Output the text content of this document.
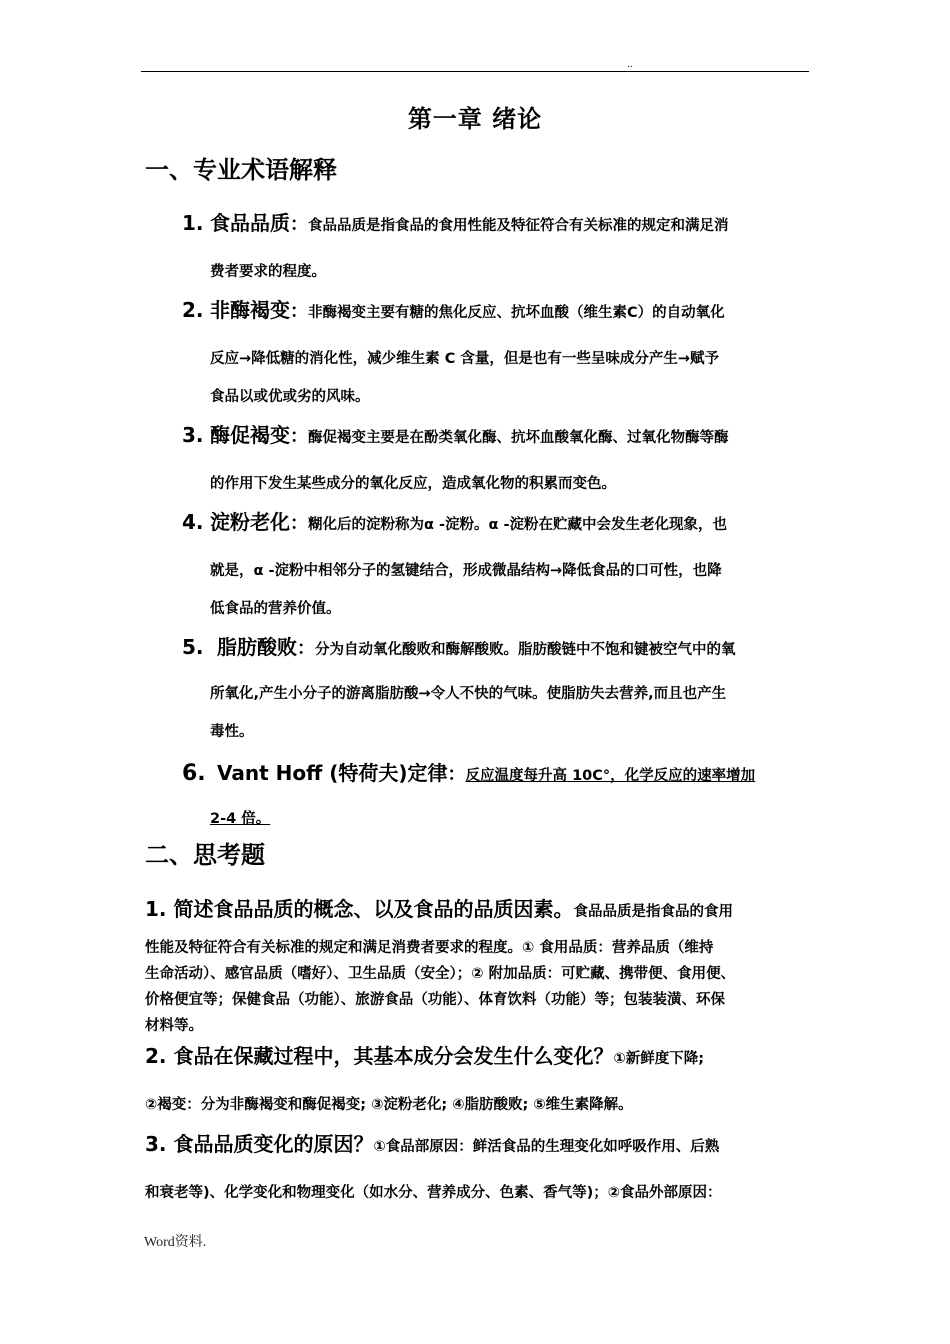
..
第一章 绪论
一、专业术语解释
1. 食品品质：食品品质是指食品的食用性能及特征符合有关标准的规定和满足消
费者要求的程度。
2. 非酶褐变：非酶褐变主要有糖的焦化反应、抗坏血酸（维生素C）的自动氧化
反应→降低糖的消化性，减少维生素 C 含量，但是也有一些呈味成分产生→赋予
食品以或优或劣的风味。
3. 酶促褐变：酶促褐变主要是在酚类氧化酶、抗坏血酸氧化酶、过氧化物酶等酶
的作用下发生某些成分的氧化反应，造成氧化物的积累而变色。
4. 淀粉老化：糊化后的淀粉称为α -淀粉。α -淀粉在贮藏中会发生老化现象，也
就是，α -淀粉中相邻分子的氢键结合，形成微晶结构→降低食品的口可性，也降
低食品的营养价值。
5. 脂肪酸败：分为自动氧化酸败和酶解酸败。脂肪酸链中不饱和键被空气中的氧
所氧化,产生小分子的游离脂肪酸→令人不快的气味。使脂肪失去营养,而且也产生
毒性。
6. Vant Hoff (特荷夫)定律：反应温度每升高 10C°，化学反应的速率增加
2-4 倍。
二、思考题
1. 简述食品品质的概念、以及食品的品质因素。食品品质是指食品的食用
性能及特征符合有关标准的规定和满足消费者要求的程度。① 食用品质：营养品质（维持
生命活动）、感官品质（嗜好）、卫生品质（安全）；② 附加品质：可贮藏、携带便、食用便、
价格便宜等；保健食品（功能）、旅游食品（功能）、体育饮料（功能）等；包装装潢、环保
材料等。
2. 食品在保藏过程中，其基本成分会发生什么变化？①新鲜度下降;
②褐变：分为非酶褐变和酶促褐变; ③淀粉老化; ④脂肪酸败; ⑤维生素降解。
3. 食品品质变化的原因？①食品部原因：鲜活食品的生理变化如呼吸作用、后熟
和衰老等)、化学变化和物理变化（如水分、营养成分、色素、香气等)；②食品外部原因：
Word资料.
